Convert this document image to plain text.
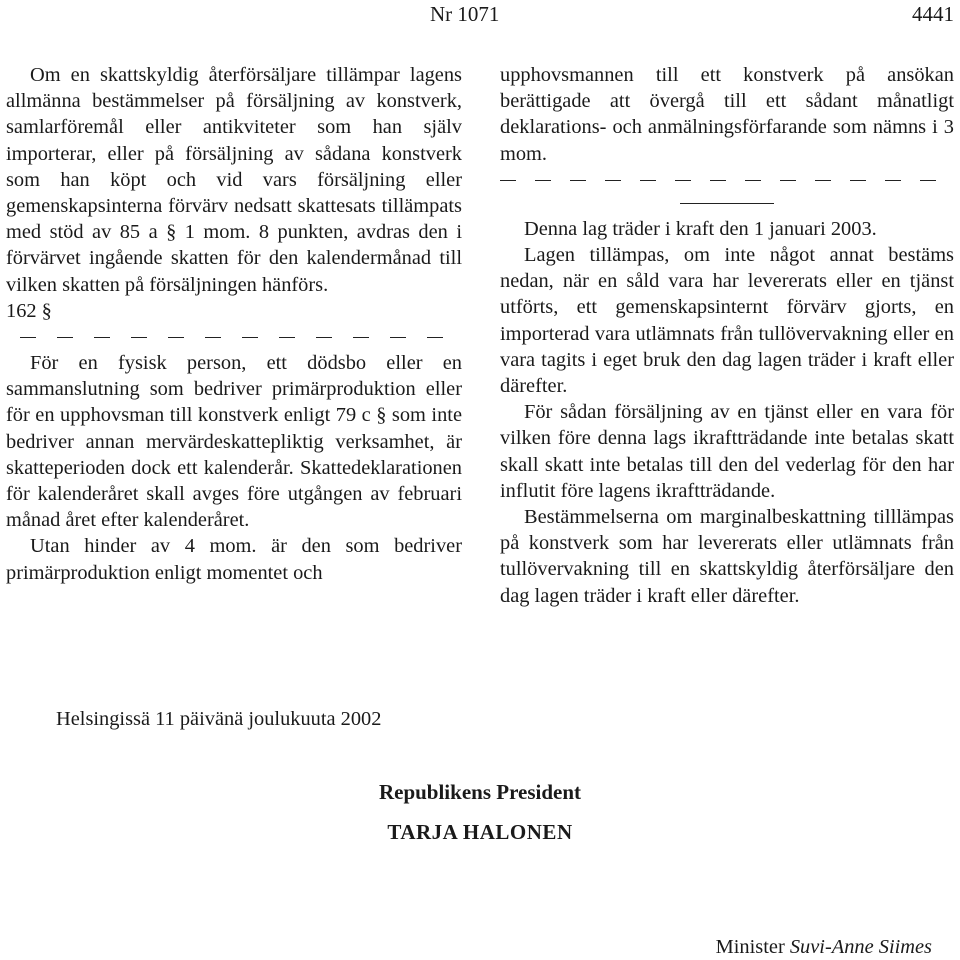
Nr 1071	4441

Om en skattskyldig återförsäljare tillämpar lagens allmänna bestämmelser på försäljning av konstverk, samlarföremål eller antikviteter som han själv importerar, eller på försäljning av sådana konstverk som han köpt och vid vars försäljning eller gemenskapsinterna förvärv nedsatt skattesats tillämpats med stöd av 85 a § 1 mom. 8 punkten, avdras den i förvärvet ingående skatten för den kalendermånad till vilken skatten på försäljningen hänförs.

162 §

För en fysisk person, ett dödsbo eller en sammanslutning som bedriver primärproduktion eller för en upphovsman till konstverk enligt 79 c § som inte bedriver annan mervärdeskattepliktig verksamhet, är skatteperioden dock ett kalenderår. Skattedeklarationen för kalenderåret skall avges före utgången av februari månad året efter kalenderåret.

Utan hinder av 4 mom. är den som bedriver primärproduktion enligt momentet och

upphovsmannen till ett konstverk på ansökan berättigade att övergå till ett sådant månatligt deklarations- och anmälningsförfarande som nämns i 3 mom.

Denna lag träder i kraft den 1 januari 2003.

Lagen tillämpas, om inte något annat bestäms nedan, när en såld vara har levererats eller en tjänst utförts, ett gemenskapsinternt förvärv gjorts, en importerad vara utlämnats från tullövervakning eller en vara tagits i eget bruk den dag lagen träder i kraft eller därefter.

För sådan försäljning av en tjänst eller en vara för vilken före denna lags ikraftträdande inte betalas skatt skall skatt inte betalas till den del vederlag för den har influtit före lagens ikraftträdande.

Bestämmelserna om marginalbeskattning tilllämpas på konstverk som har levererats eller utlämnats från tullövervakning till en skattskyldig återförsäljare den dag lagen träder i kraft eller därefter.

Helsingissä 11 päivänä joulukuuta 2002
Republikens President
TARJA HALONEN
Minister Suvi-Anne Siimes
